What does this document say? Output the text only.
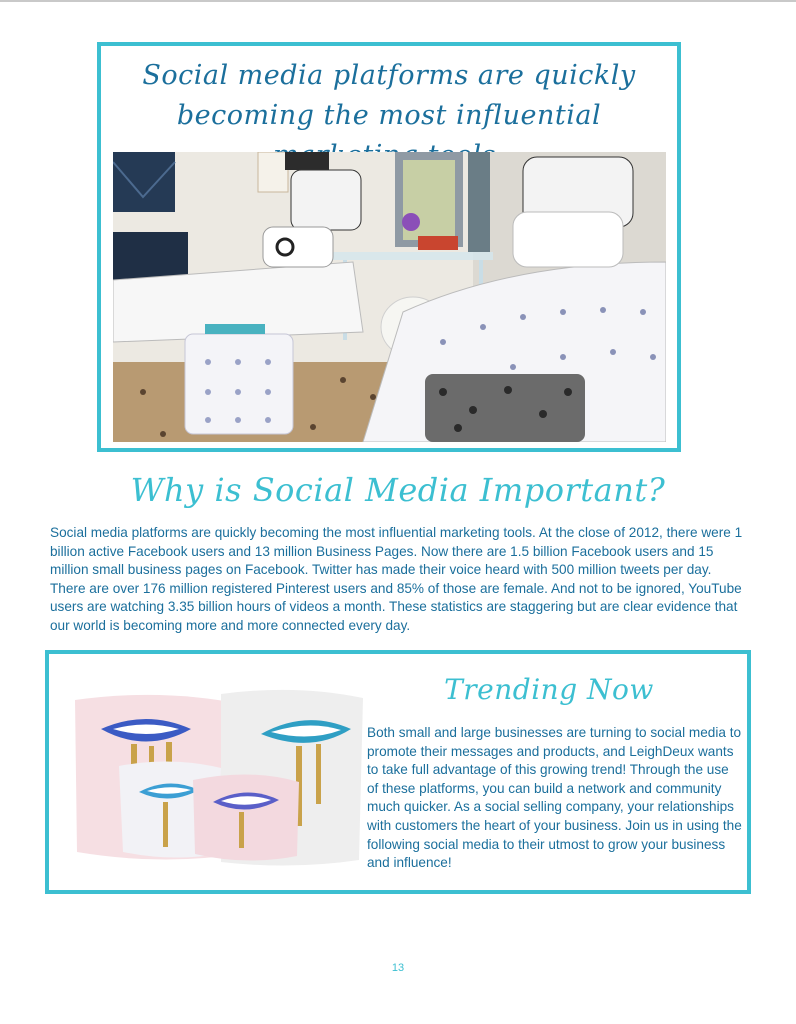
Social media platforms are quickly
becoming the most influential
Why is Social Media Important?
Social media platforms are quickly becoming the most influential marketing tools. At the close of 2012, there were 1 billion active Facebook users and 13 million Business Pages. Now there are 1.5 billion Facebook users and 15 million small business pages on Facebook. Twitter has made their voice heard with 500 million tweets per day. There are over 176 million registered Pinterest users and 85% of those are female. And not to be ignored, YouTube users are watching 3.35 billion hours of videos a month. These statistics are staggering but are clear evidence that our world is becoming more and more connected every day.
Trending Now
Both small and large businesses are turning to social media to promote their messages and products, and LeighDeux wants to take full advantage of this growing trend! Through the use of these platforms, you can build a network and community much quicker. As a social selling company, your relationships with customers the heart of your business. Join us in using the following social media to their utmost to grow your business and influence!
13
